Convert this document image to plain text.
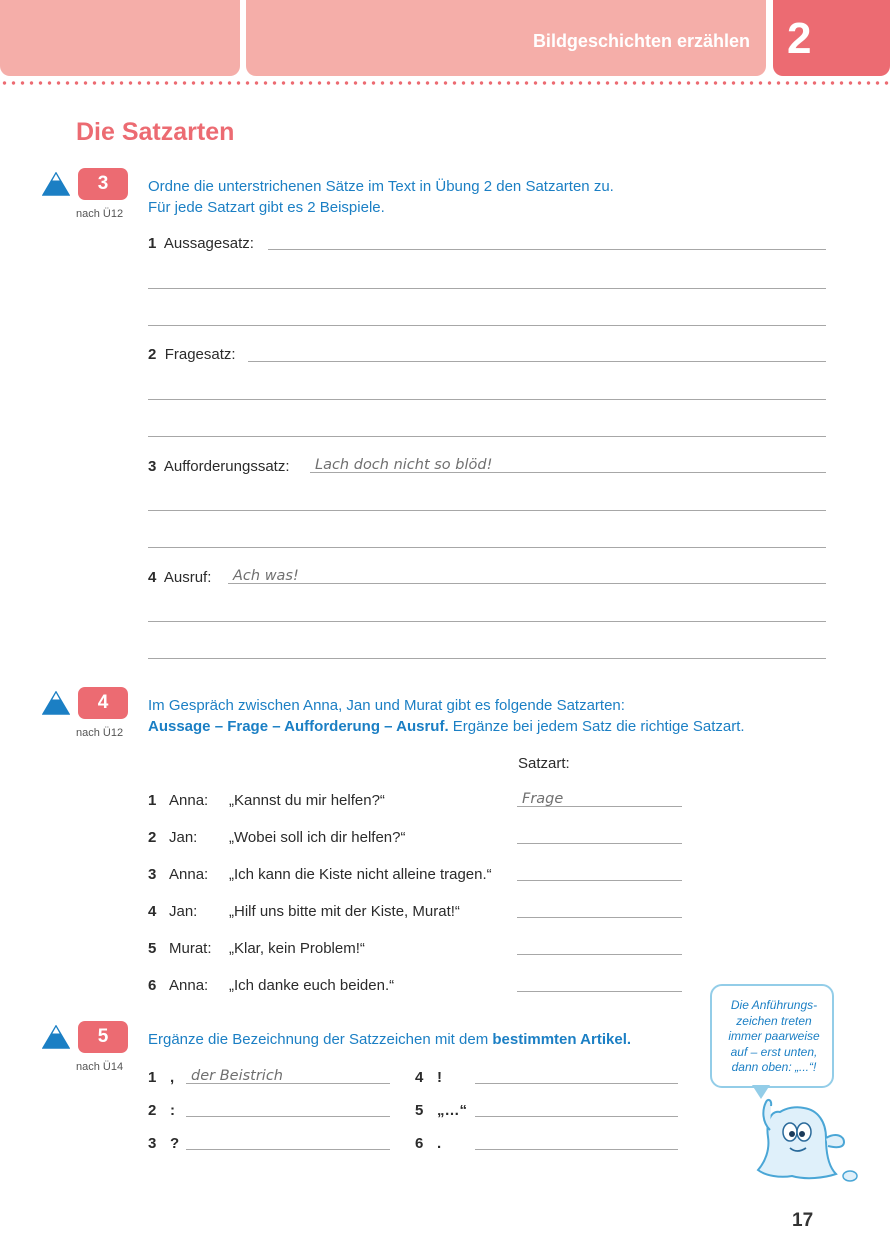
Bildgeschichten erzählen 2
Die Satzarten
3
nach Ü12
Ordne die unterstrichenen Sätze im Text in Übung 2 den Satzarten zu.
Für jede Satzart gibt es 2 Beispiele.
1 Aussagesatz:
2 Fragesatz:
3 Aufforderungssatz: Lach doch nicht so blöd!
4 Ausruf: Ach was!
4
nach Ü12
Im Gespräch zwischen Anna, Jan und Murat gibt es folgende Satzarten:
Aussage – Frage – Aufforderung – Ausruf. Ergänze bei jedem Satz die richtige Satzart.
Satzart:
1 Anna: „Kannst du mir helfen?“	Frage
2 Jan: „Wobei soll ich dir helfen?“
3 Anna: „Ich kann die Kiste nicht alleine tragen.“
4 Jan: „Hilf uns bitte mit der Kiste, Murat!“
5 Murat: „Klar, kein Problem!“
6 Anna: „Ich danke euch beiden.“
5
nach Ü14
Ergänze die Bezeichnung der Satzzeichen mit dem bestimmten Artikel.
1 , der Beistrich
2 :
3 ?
4 !
5 „…“
6 .
Die Anführungs-
zeichen treten
immer paarweise
auf – erst unten,
dann oben: „...“!
17
